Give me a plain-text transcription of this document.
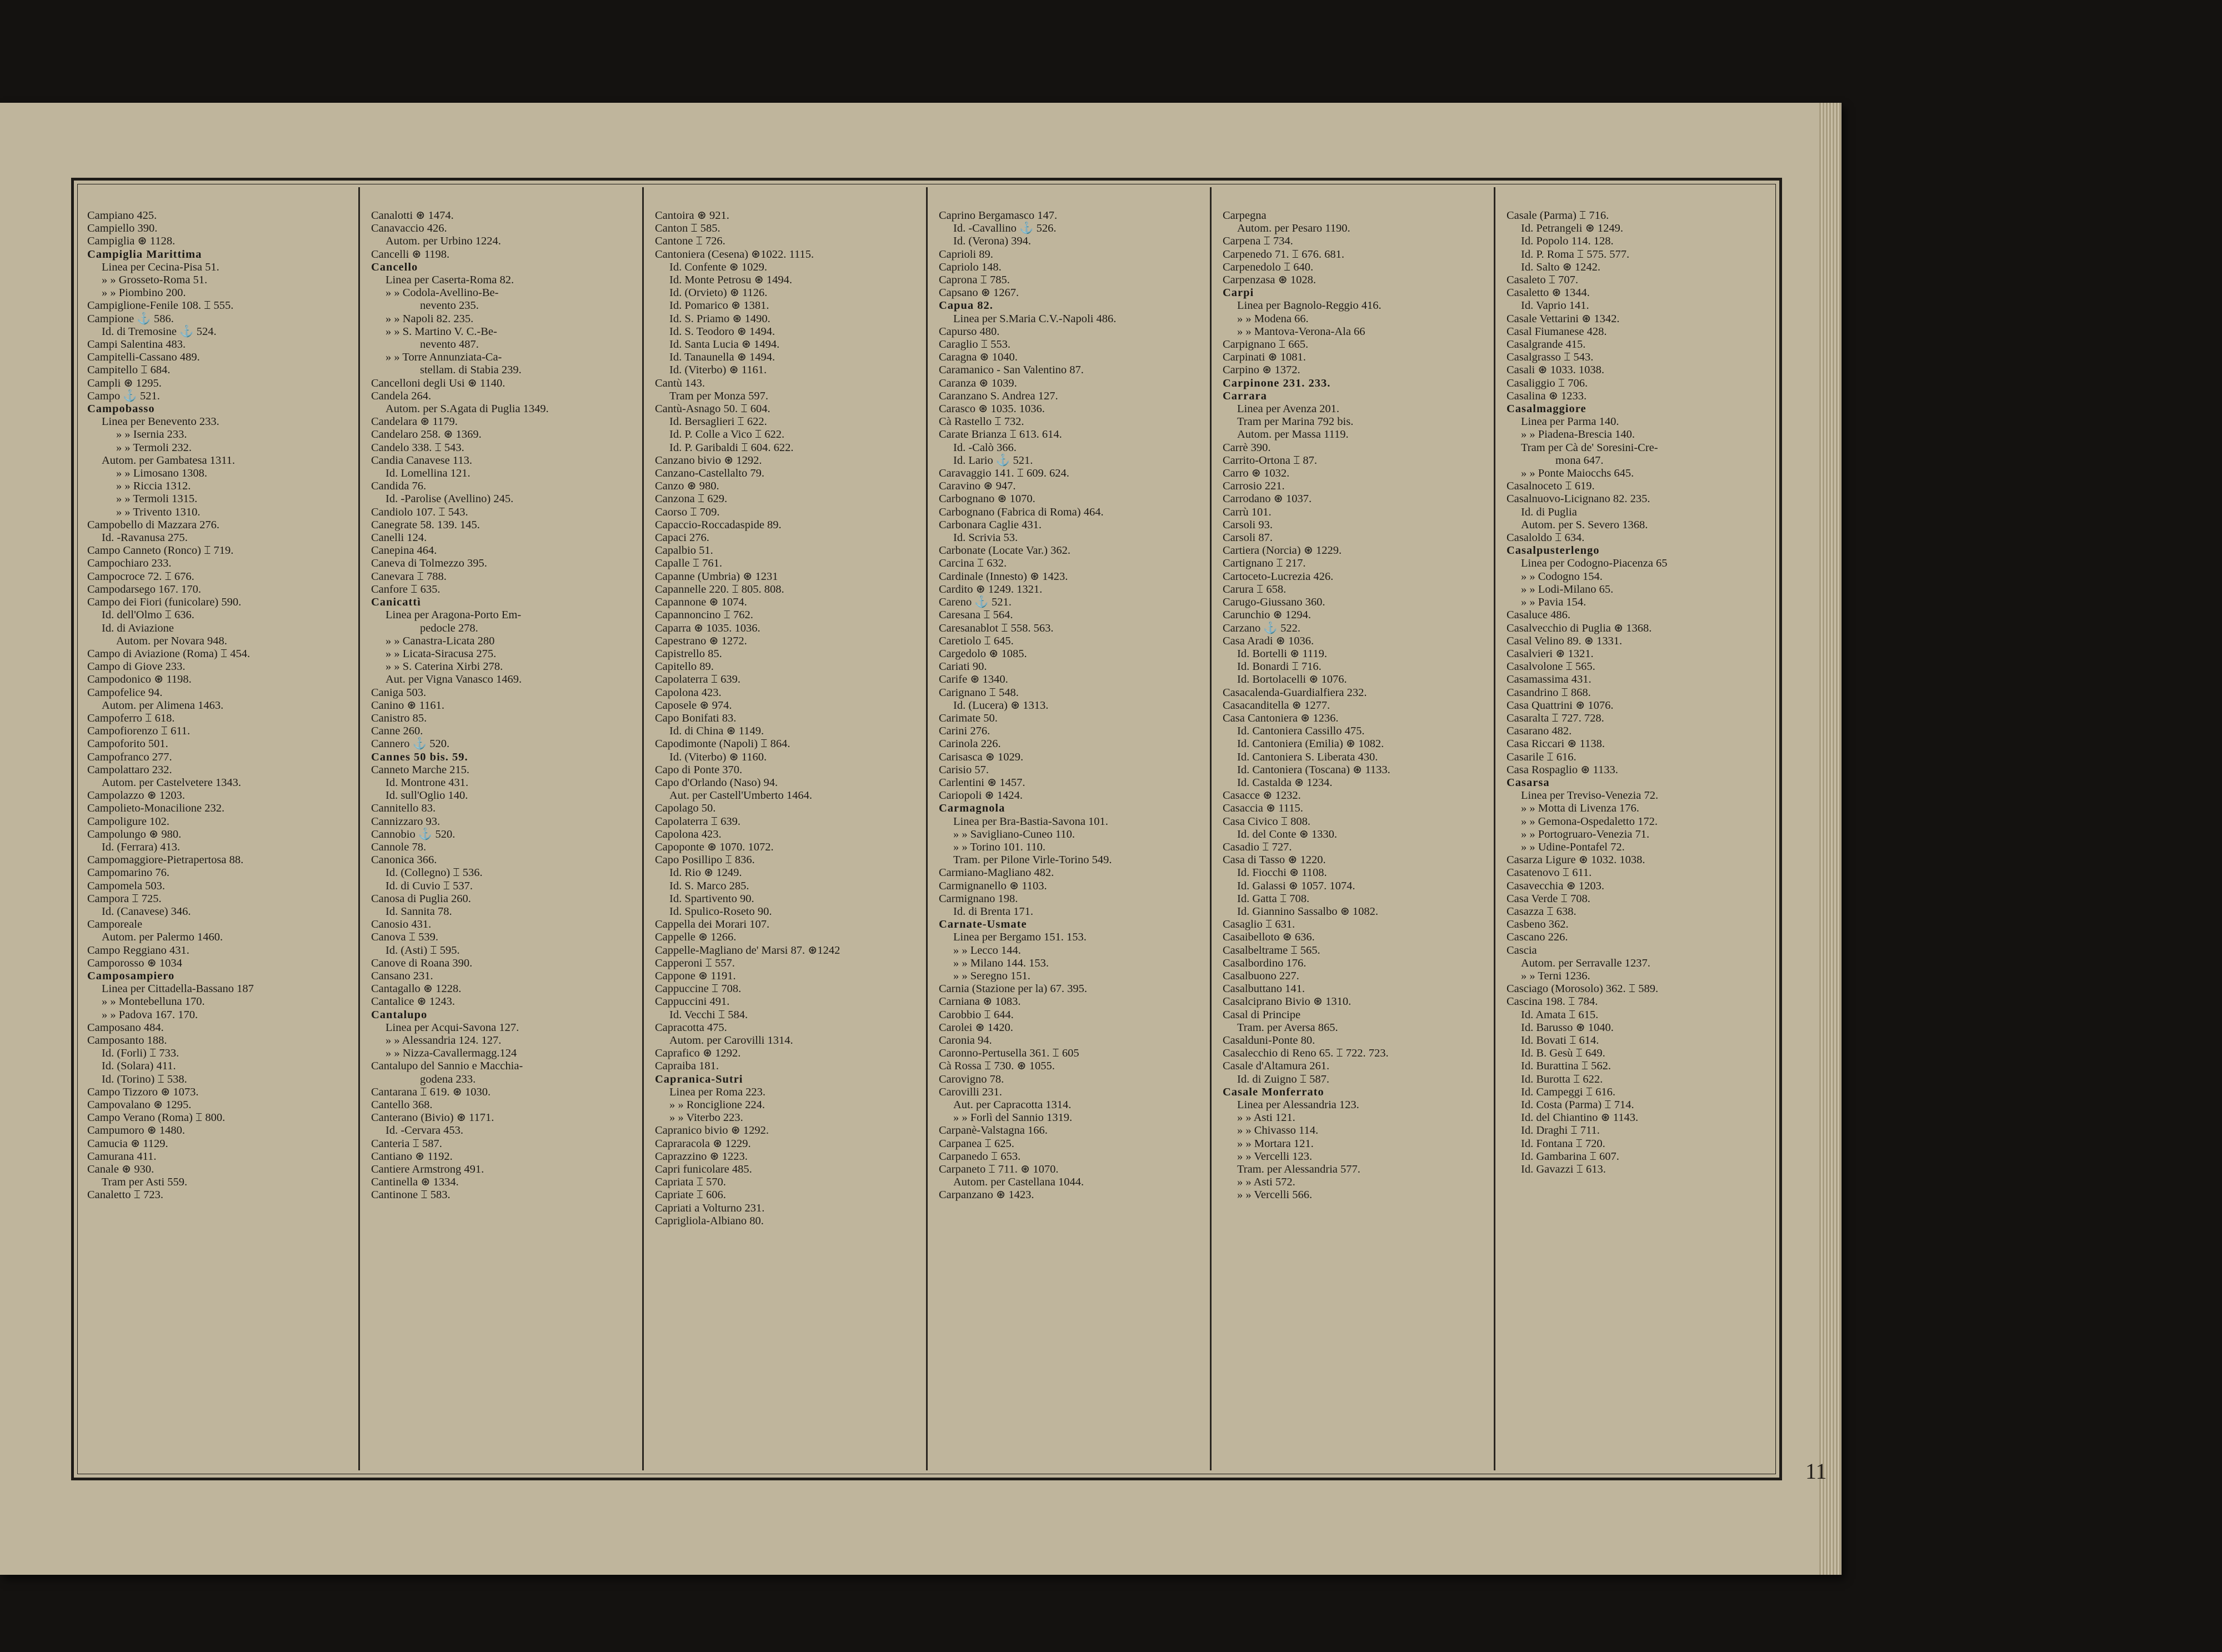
Campiano 425.
Campiello 390.
Campiglia ⊛ 1128.
Campiglia Marittima
Linea per Cecina-Pisa 51.
» » Grosseto-Roma 51.
» » Piombino 200.
Campiglione-Fenile 108. ⌶ 555.
Campione ⚓ 586.
Id. di Tremosine ⚓ 524.
Campi Salentina 483.
Campitelli-Cassano 489.
Campitello ⌶ 684.
Campli ⊛ 1295.
Campo ⚓ 521.
Campobasso
Linea per Benevento 233.
» » Isernia 233.
» » Termoli 232.
Autom. per Gambatesa 1311.
» » Limosano 1308.
» » Riccia 1312.
» » Termoli 1315.
» » Trivento 1310.
Campobello di Mazzara 276.
Id. -Ravanusa 275.
Campo Canneto (Ronco) ⌶ 719.
Campochiaro 233.
Campocroce 72. ⌶ 676.
Campodarsego 167. 170.
Campo dei Fiori (funicolare) 590.
Id. dell'Olmo ⌶ 636.
Id. di Aviazione
Autom. per Novara 948.
Campo di Aviazione (Roma) ⌶ 454.
Campo di Giove 233.
Campodonico ⊛ 1198.
Campofelice 94.
Autom. per Alimena 1463.
Campoferro ⌶ 618.
Campofiorenzo ⌶ 611.
Campoforito 501.
Campofranco 277.
Campolattaro 232.
Autom. per Castelvetere 1343.
Campolazzo ⊛ 1203.
Campolieto-Monacilione 232.
Campoligure 102.
Campolungo ⊛ 980.
Id. (Ferrara) 413.
Campomaggiore-Pietrapertosa 88.
Campomarino 76.
Campomela 503.
Campora ⌶ 725.
Id. (Canavese) 346.
Camporeale
Autom. per Palermo 1460.
Campo Reggiano 431.
Camporosso ⊛ 1034
Camposampiero
Linea per Cittadella-Bassano 187
» » Montebelluna 170.
» » Padova 167. 170.
Camposano 484.
Camposanto 188.
Id. (Forli) ⌶ 733.
Id. (Solara) 411.
Id. (Torino) ⌶ 538.
Campo Tizzoro ⊛ 1073.
Campovalano ⊛ 1295.
Campo Verano (Roma) ⌶ 800.
Campumoro ⊛ 1480.
Camucia ⊛ 1129.
Camurana 411.
Canale ⊛ 930.
Tram per Asti 559.
Canaletto ⌶ 723.
Canalotti ⊛ 1474.
Canavaccio 426.
Autom. per Urbino 1224.
Cancelli ⊛ 1198.
Cancello
Linea per Caserta-Roma 82.
» » Codola-Avellino-Be-
nevento 235.
» » Napoli 82. 235.
» » S. Martino V. C.-Be-
nevento 487.
» » Torre Annunziata-Ca-
stellam. di Stabia 239.
Cancelloni degli Usi ⊛ 1140.
Candela 264.
Autom. per S.Agata di Puglia 1349.
Candelara ⊛ 1179.
Candelaro 258. ⊛ 1369.
Candelo 338. ⌶ 543.
Candia Canavese 113.
Id. Lomellina 121.
Candida 76.
Id. -Parolise (Avellino) 245.
Candiolo 107. ⌶ 543.
Canegrate 58. 139. 145.
Canelli 124.
Canepina 464.
Caneva di Tolmezzo 395.
Canevara ⌶ 788.
Canfore ⌶ 635.
Canicattì
Linea per Aragona-Porto Em-
pedocle 278.
» » Canastra-Licata 280
» » Licata-Siracusa 275.
» » S. Caterina Xirbi 278.
Aut. per Vigna Vanasco 1469.
Caniga 503.
Canino ⊛ 1161.
Canistro 85.
Canne 260.
Cannero ⚓ 520.
Cannes 50 bis. 59.
Canneto Marche 215.
Id. Montrone 431.
Id. sull'Oglio 140.
Cannitello 83.
Cannizzaro 93.
Cannobio ⚓ 520.
Cannole 78.
Canonica 366.
Id. (Collegno) ⌶ 536.
Id. di Cuvio ⌶ 537.
Canosa di Puglia 260.
Id. Sannita 78.
Canosio 431.
Canova ⌶ 539.
Id. (Asti) ⌶ 595.
Canove di Roana 390.
Cansano 231.
Cantagallo ⊛ 1228.
Cantalice ⊛ 1243.
Cantalupo
Linea per Acqui-Savona 127.
» » Alessandria 124. 127.
» » Nizza-Cavallermagg.124
Cantalupo del Sannio e Macchia-
godena 233.
Cantarana ⌶ 619. ⊛ 1030.
Cantello 368.
Canterano (Bivio) ⊛ 1171.
Id. -Cervara 453.
Canteria ⌶ 587.
Cantiano ⊛ 1192.
Cantiere Armstrong 491.
Cantinella ⊛ 1334.
Cantinone ⌶ 583.
Cantoira ⊛ 921.
Canton ⌶ 585.
Cantone ⌶ 726.
Cantoniera (Cesena) ⊛1022. 1115.
Id. Confente ⊛ 1029.
Id. Monte Petrosu ⊛ 1494.
Id. (Orvieto) ⊛ 1126.
Id. Pomarico ⊛ 1381.
Id. S. Priamo ⊛ 1490.
Id. S. Teodoro ⊛ 1494.
Id. Santa Lucia ⊛ 1494.
Id. Tanaunella ⊛ 1494.
Id. (Viterbo) ⊛ 1161.
Cantù 143.
Tram per Monza 597.
Cantù-Asnago 50. ⌶ 604.
Id. Bersaglieri ⌶ 622.
Id. P. Colle a Vico ⌶ 622.
Id. P. Garibaldi ⌶ 604. 622.
Canzano bivio ⊛ 1292.
Canzano-Castellalto 79.
Canzo ⊛ 980.
Canzona ⌶ 629.
Caorso ⌶ 709.
Capaccio-Roccadaspide 89.
Capaci 276.
Capalbio 51.
Capalle ⌶ 761.
Capanne (Umbria) ⊛ 1231
Capannelle 220. ⌶ 805. 808.
Capannone ⊛ 1074.
Capannoncino ⌶ 762.
Caparra ⊛ 1035. 1036.
Capestrano ⊛ 1272.
Capistrello 85.
Capitello 89.
Capolaterra ⌶ 639.
Capolona 423.
Caposele ⊛ 974.
Capo Bonifati 83.
Id. di China ⊛ 1149.
Capodimonte (Napoli) ⌶ 864.
Id. (Viterbo) ⊛ 1160.
Capo di Ponte 370.
Capo d'Orlando (Naso) 94.
Aut. per Castell'Umberto 1464.
Capolago 50.
Capolaterra ⌶ 639.
Capolona 423.
Capoponte ⊛ 1070. 1072.
Capo Posillipo ⌶ 836.
Id. Rio ⊛ 1249.
Id. S. Marco 285.
Id. Spartivento 90.
Id. Spulico-Roseto 90.
Cappella dei Morari 107.
Cappelle ⊛ 1266.
Cappelle-Magliano de' Marsi 87. ⊛1242
Capperoni ⌶ 557.
Cappone ⊛ 1191.
Cappuccine ⌶ 708.
Cappuccini 491.
Id. Vecchi ⌶ 584.
Capracotta 475.
Autom. per Carovilli 1314.
Caprafico ⊛ 1292.
Capraiba 181.
Capranica-Sutri
Linea per Roma 223.
» » Ronciglione 224.
» » Viterbo 223.
Capranico bivio ⊛ 1292.
Capraracola ⊛ 1229.
Caprazzino ⊛ 1223.
Capri funicolare 485.
Capriata ⌶ 570.
Capriate ⌶ 606.
Capriati a Volturno 231.
Caprigliola-Albiano 80.
Caprino Bergamasco 147.
Id. -Cavallino ⚓ 526.
Id. (Verona) 394.
Caprioli 89.
Capriolo 148.
Caprona ⌶ 785.
Capsano ⊛ 1267.
Capua 82.
Linea per S.Maria C.V.-Napoli 486.
Capurso 480.
Caraglio ⌶ 553.
Caragna ⊛ 1040.
Caramanico - San Valentino 87.
Caranza ⊛ 1039.
Caranzano S. Andrea 127.
Carasco ⊛ 1035. 1036.
Cà Rastello ⌶ 732.
Carate Brianza ⌶ 613. 614.
Id. -Calò 366.
Id. Lario ⚓ 521.
Caravaggio 141. ⌶ 609. 624.
Caravino ⊛ 947.
Carbognano ⊛ 1070.
Carbognano (Fabrica di Roma) 464.
Carbonara Caglie 431.
Id. Scrivia 53.
Carbonate (Locate Var.) 362.
Carcina ⌶ 632.
Cardinale (Innesto) ⊛ 1423.
Cardito ⊛ 1249. 1321.
Careno ⚓ 521.
Caresana ⌶ 564.
Caresanablot ⌶ 558. 563.
Caretiolo ⌶ 645.
Cargedolo ⊛ 1085.
Cariati 90.
Carife ⊛ 1340.
Carignano ⌶ 548.
Id. (Lucera) ⊛ 1313.
Carimate 50.
Carini 276.
Carinola 226.
Carisasca ⊛ 1029.
Carisio 57.
Carlentini ⊛ 1457.
Cariopoli ⊛ 1424.
Carmagnola
Linea per Bra-Bastia-Savona 101.
» » Savigliano-Cuneo 110.
» » Torino 101. 110.
Tram. per Pilone Virle-Torino 549.
Carmiano-Magliano 482.
Carmignanello ⊛ 1103.
Carmignano 198.
Id. di Brenta 171.
Carnate-Usmate
Linea per Bergamo 151. 153.
» » Lecco 144.
» » Milano 144. 153.
» » Seregno 151.
Carnia (Stazione per la) 67. 395.
Carniana ⊛ 1083.
Carobbio ⌶ 644.
Carolei ⊛ 1420.
Caronia 94.
Caronno-Pertusella 361. ⌶ 605
Cà Rossa ⌶ 730. ⊛ 1055.
Carovigno 78.
Carovilli 231.
Aut. per Capracotta 1314.
» » Forlì del Sannio 1319.
Carpanè-Valstagna 166.
Carpanea ⌶ 625.
Carpanedo ⌶ 653.
Carpaneto ⌶ 711. ⊛ 1070.
Autom. per Castellana 1044.
Carpanzano ⊛ 1423.
Carpegna
Autom. per Pesaro 1190.
Carpena ⌶ 734.
Carpenedo 71. ⌶ 676. 681.
Carpenedolo ⌶ 640.
Carpenzasa ⊛ 1028.
Carpi
Linea per Bagnolo-Reggio 416.
» » Modena 66.
» » Mantova-Verona-Ala 66
Carpignano ⌶ 665.
Carpinati ⊛ 1081.
Carpino ⊛ 1372.
Carpinone 231. 233.
Carrara
Linea per Avenza 201.
Tram per Marina 792 bis.
Autom. per Massa 1119.
Carrè 390.
Carrito-Ortona ⌶ 87.
Carro ⊛ 1032.
Carrosio 221.
Carrodano ⊛ 1037.
Carrù 101.
Carsoli 93.
Carsoli 87.
Cartiera (Norcia) ⊛ 1229.
Cartignano ⌶ 217.
Cartoceto-Lucrezia 426.
Carura ⌶ 658.
Carugo-Giussano 360.
Carunchio ⊛ 1294.
Carzano ⚓ 522.
Casa Aradi ⊛ 1036.
Id. Bortelli ⊛ 1119.
Id. Bonardi ⌶ 716.
Id. Bortolacelli ⊛ 1076.
Casacalenda-Guardialfiera 232.
Casacanditella ⊛ 1277.
Casa Cantoniera ⊛ 1236.
Id. Cantoniera Cassillo 475.
Id. Cantoniera (Emilia) ⊛ 1082.
Id. Cantoniera S. Liberata 430.
Id. Cantoniera (Toscana) ⊛ 1133.
Id. Castalda ⊛ 1234.
Casacce ⊛ 1232.
Casaccia ⊛ 1115.
Casa Civico ⌶ 808.
Id. del Conte ⊛ 1330.
Casadio ⌶ 727.
Casa di Tasso ⊛ 1220.
Id. Fiocchi ⊛ 1108.
Id. Galassi ⊛ 1057. 1074.
Id. Gatta ⌶ 708.
Id. Giannino Sassalbo ⊛ 1082.
Casaglio ⌶ 631.
Casaibelloto ⊛ 636.
Casalbeltrame ⌶ 565.
Casalbordino 176.
Casalbuono 227.
Casalbuttano 141.
Casalciprano Bivio ⊛ 1310.
Casal di Principe
Tram. per Aversa 865.
Casalduni-Ponte 80.
Casalecchio di Reno 65. ⌶ 722. 723.
Casale d'Altamura 261.
Id. di Zuigno ⌶ 587.
Casale Monferrato
Linea per Alessandria 123.
» » Asti 121.
» » Chivasso 114.
» » Mortara 121.
» » Vercelli 123.
Tram. per Alessandria 577.
» » Asti 572.
» » Vercelli 566.
Casale (Parma) ⌶ 716.
Id. Petrangeli ⊛ 1249.
Id. Popolo 114. 128.
Id. P. Roma ⌶ 575. 577.
Id. Salto ⊛ 1242.
Casaleto ⌶ 707.
Casaletto ⊛ 1344.
Id. Vaprio 141.
Casale Vettarini ⊛ 1342.
Casal Fiumanese 428.
Casalgrande 415.
Casalgrasso ⌶ 543.
Casali ⊛ 1033. 1038.
Casaliggio ⌶ 706.
Casalina ⊛ 1233.
Casalmaggiore
Linea per Parma 140.
» » Piadena-Brescia 140.
Tram per Cà de' Soresini-Cre-
mona 647.
» » Ponte Maiocchs 645.
Casalnoceto ⌶ 619.
Casalnuovo-Licignano 82. 235.
Id. di Puglia
Autom. per S. Severo 1368.
Casaloldo ⌶ 634.
Casalpusterlengo
Linea per Codogno-Piacenza 65
» » Codogno 154.
» » Lodi-Milano 65.
» » Pavia 154.
Casaluce 486.
Casalvecchio di Puglia ⊛ 1368.
Casal Velino 89. ⊛ 1331.
Casalvieri ⊛ 1321.
Casalvolone ⌶ 565.
Casamassima 431.
Casandrino ⌶ 868.
Casa Quattrini ⊛ 1076.
Casaralta ⌶ 727. 728.
Casarano 482.
Casa Riccari ⊛ 1138.
Casarile ⌶ 616.
Casa Rospaglio ⊛ 1133.
Casarsa
Linea per Treviso-Venezia 72.
» » Motta di Livenza 176.
» » Gemona-Ospedaletto 172.
» » Portogruaro-Venezia 71.
» » Udine-Pontafel 72.
Casarza Ligure ⊛ 1032. 1038.
Casatenovo ⌶ 611.
Casavecchia ⊛ 1203.
Casa Verde ⌶ 708.
Casazza ⌶ 638.
Casbeno 362.
Cascano 226.
Cascia
Autom. per Serravalle 1237.
» » Terni 1236.
Casciago (Morosolo) 362. ⌶ 589.
Cascina 198. ⌶ 784.
Id. Amata ⌶ 615.
Id. Barusso ⊛ 1040.
Id. Bovati ⌶ 614.
Id. B. Gesù ⌶ 649.
Id. Burattina ⌶ 562.
Id. Burotta ⌶ 622.
Id. Campeggi ⌶ 616.
Id. Costa (Parma) ⌶ 714.
Id. del Chiantino ⊛ 1143.
Id. Draghi ⌶ 711.
Id. Fontana ⌶ 720.
Id. Gambarina ⌶ 607.
Id. Gavazzi ⌶ 613.
11
